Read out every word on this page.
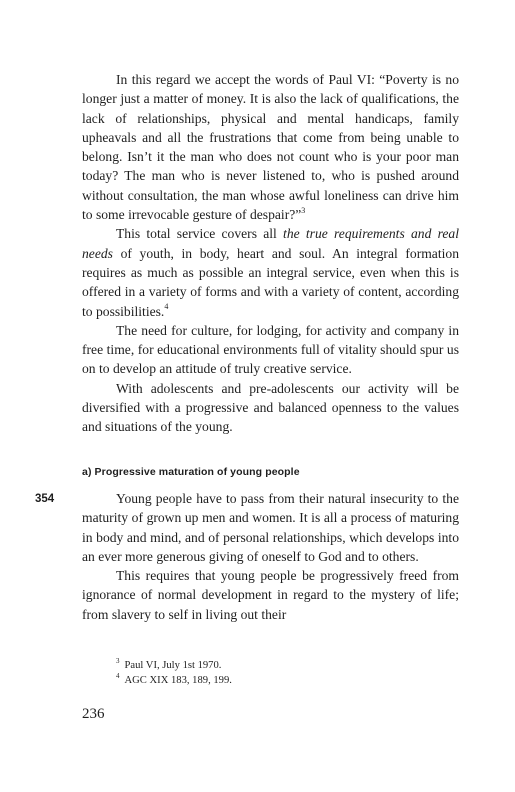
In this regard we accept the words of Paul VI: “Poverty is no longer just a matter of money. It is also the lack of qualifications, the lack of relationships, physical and mental handicaps, family upheavals and all the frustrations that come from being unable to belong. Isn’t it the man who does not count who is your poor man today? The man who is never listened to, who is pushed around without consultation, the man whose awful loneliness can drive him to some irrevocable gesture of despair?”$^3$

This total service covers all the true requirements and real needs of youth, in body, heart and soul. An integral formation requires as much as possible an integral service, even when this is offered in a variety of forms and with a variety of content, according to possibilities.$^4$

The need for culture, for lodging, for activity and company in free time, for educational environments full of vitality should spur us on to develop an attitude of truly creative service.

With adolescents and pre-adolescents our activity will be diversified with a progressive and balanced openness to the values and situations of the young.

a) Progressive maturation of young people
354	Young people have to pass from their natural insecurity to the maturity of grown up men and women. It is all a process of maturing in body and mind, and of personal relationships, which develops into an ever more generous giving of oneself to God and to others.

This requires that young people be progressively freed from ignorance of normal development in regard to the mystery of life; from slavery to self in living out their

$^3$ Paul VI, July 1st 1970.
$^4$ AGC XIX 183, 189, 199.
236
